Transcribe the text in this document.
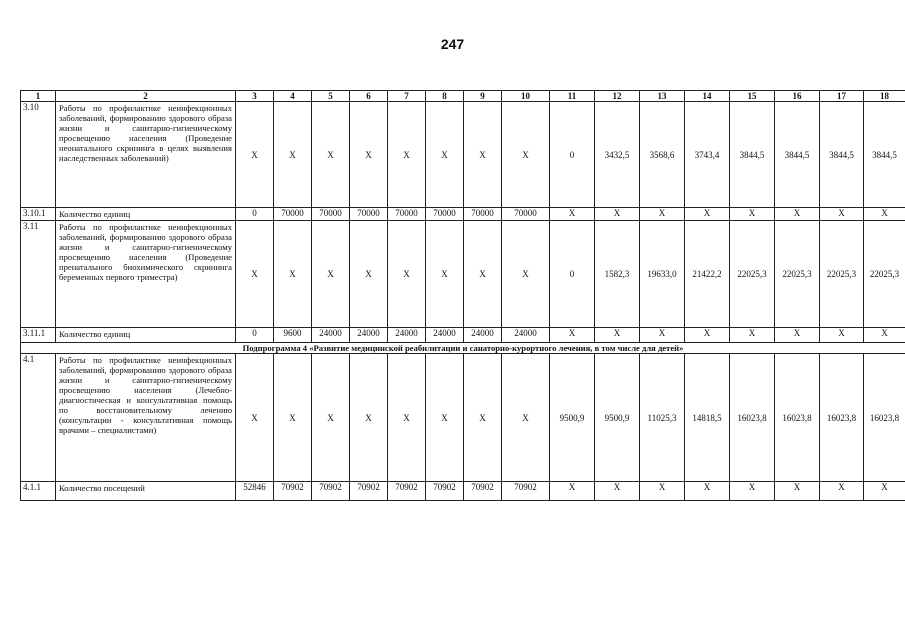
247
1	2	3	4	5	6	7	8	9	10	11	12	13	14	15	16	17	18
3.10	Работы по профилактике неинфекционных заболеваний, формированию здорового образа жизни и санитарно-гигиеническому просвещению населения (Проведение неонатального скрининга в целях выявления наследственных заболеваний)	X	X	X	X	X	X	X	X	0	3432,5	3568,6	3743,4	3844,5	3844,5	3844,5	3844,5
3.10.1	Количество единиц	0	70000	70000	70000	70000	70000	70000	70000	X	X	X	X	X	X	X	X
3.11	Работы по профилактике неинфекционных заболеваний, формированию здорового образа жизни и санитарно-гигиеническому просвещению населения (Проведение пренатального биохимического скрининга беременных первого триместра)	X	X	X	X	X	X	X	X	0	1582,3	19633,0	21422,2	22025,3	22025,3	22025,3	22025,3
3.11.1	Количество единиц	0	9600	24000	24000	24000	24000	24000	24000	X	X	X	X	X	X	X	X
Подпрограмма 4 «Развитие медицинской реабилитации и санаторно-курортного лечения, в том числе для детей»																	
4.1	Работы по профилактике неинфекционных заболеваний, формированию здорового образа жизни и санитарно-гигиеническому просвещению населения (Лечебно-диагностическая и консультативная помощь по восстановительному лечению (консультации - консультативная помощь врачами – специалистами)	X	X	X	X	X	X	X	X	9500,9	9500,9	11025,3	14818,5	16023,8	16023,8	16023,8	16023,8
4.1.1	Количество посещений	52846	70902	70902	70902	70902	70902	70902	70902	X	X	X	X	X	X	X	X
